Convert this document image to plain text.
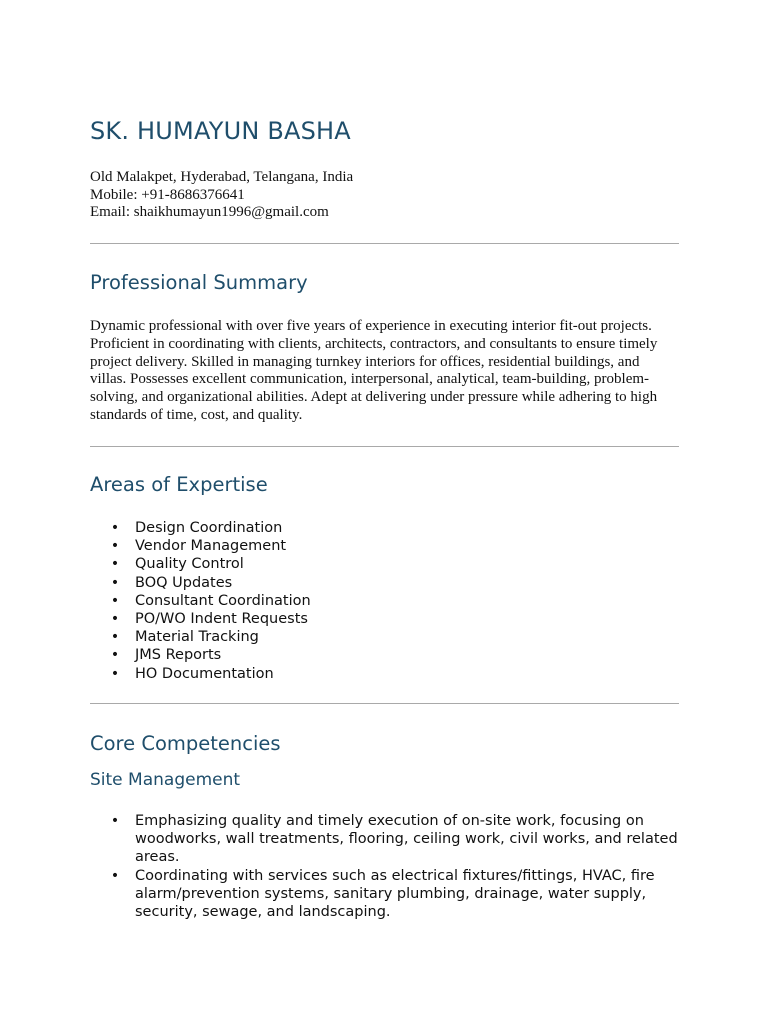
SK. HUMAYUN BASHA
Old Malakpet, Hyderabad, Telangana, India
Mobile: +91-8686376641
Email: shaikhumayun1996@gmail.com
Professional Summary

Dynamic professional with over five years of experience in executing interior fit-out projects. Proficient in coordinating with clients, architects, contractors, and consultants to ensure timely project delivery. Skilled in managing turnkey interiors for offices, residential buildings, and villas. Possesses excellent communication, interpersonal, analytical, team-building, problem-solving, and organizational abilities. Adept at delivering under pressure while adhering to high standards of time, cost, and quality.

Areas of Expertise
• Design Coordination
• Vendor Management
• Quality Control
• BOQ Updates
• Consultant Coordination
• PO/WO Indent Requests
• Material Tracking
• JMS Reports
• HO Documentation
Core Competencies
Site Management
• Emphasizing quality and timely execution of on-site work, focusing on woodworks, wall treatments, flooring, ceiling work, civil works, and related areas.
• Coordinating with services such as electrical fixtures/fittings, HVAC, fire alarm/prevention systems, sanitary plumbing, drainage, water supply, security, sewage, and landscaping.
